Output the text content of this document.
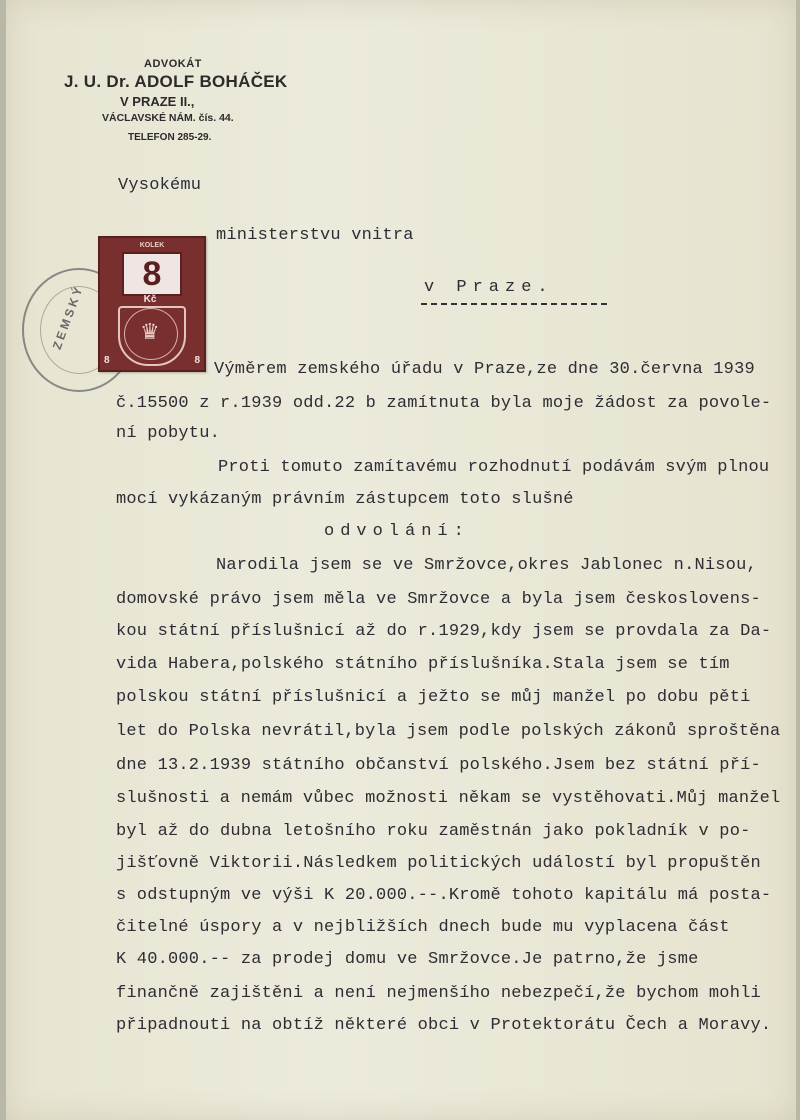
ADVOKÁT
J. U. Dr. ADOLF BOHÁČEK
V PRAZE II.,
VÁCLAVSKÉ NÁM. čís. 44.
TELEFON 285-29.
ZEMSKÝ
KOLEK
8
Kč
♛
8	8
Vysokému
ministerstvu vnitra
v Praze.
Výměrem zemského úřadu v Praze,ze dne 30.června 1939
č.15500 z r.1939 odd.22 b zamítnuta byla moje žádost za povole-
ní pobytu.
Proti tomuto zamítavému rozhodnutí podávám svým plnou
mocí vykázaným právním zástupcem toto slušné
odvolání:
Narodila jsem se ve Smržovce,okres Jablonec n.Nisou,
domovské právo jsem měla ve Smržovce a byla jsem českoslovens-
kou státní příslušnicí až do r.1929,kdy jsem se provdala za Da-
vida Habera,polského státního příslušníka.Stala jsem se tím
polskou státní příslušnicí a ježto se můj manžel po dobu pěti
let do Polska nevrátil,byla jsem podle polských zákonů sproštěna
dne 13.2.1939 státního občanství polského.Jsem bez státní pří-
slušnosti a nemám vůbec možnosti někam se vystěhovati.Můj manžel
byl až do dubna letošního roku zaměstnán jako pokladník v po-
jišťovně Viktorii.Následkem politických událostí byl propuštěn
s odstupným ve výši K 20.000.--.Kromě tohoto kapitálu má posta-
čitelné úspory a v nejbližších dnech bude mu vyplacena část
K 40.000.-- za prodej domu ve Smržovce.Je patrno,že jsme
finančně zajištěni a není nejmenšího nebezpečí,že bychom mohli
připadnouti na obtíž některé obci v Protektorátu Čech a Moravy.
